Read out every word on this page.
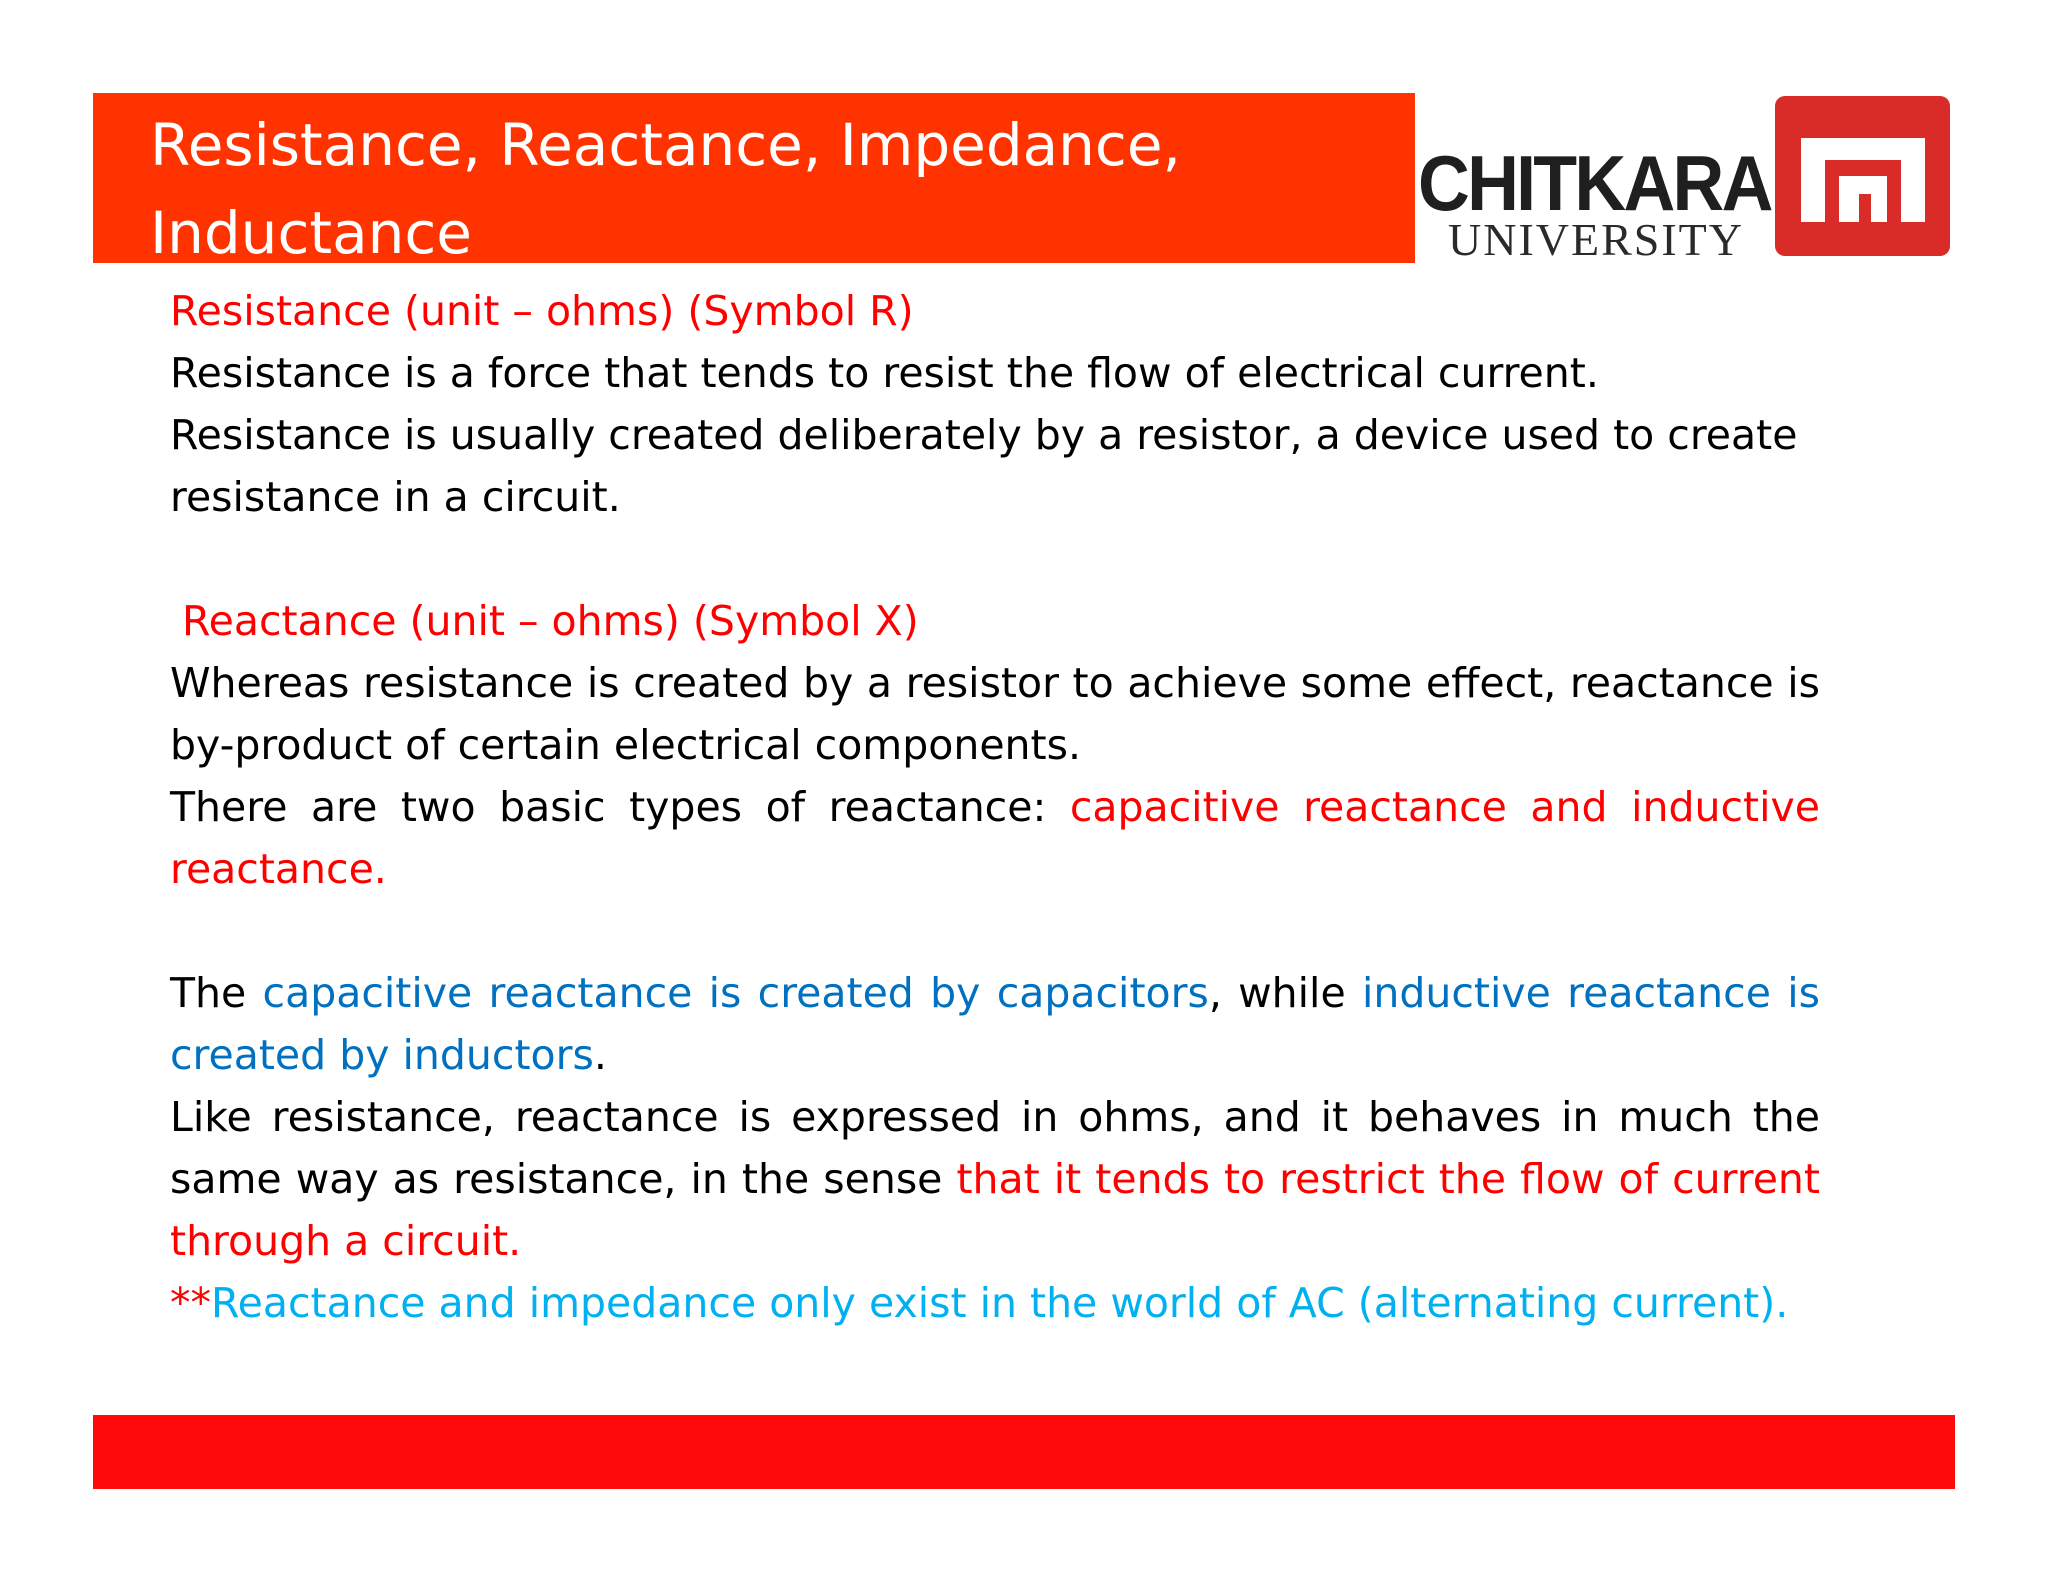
Resistance, Reactance, Impedance,
Inductance
CHITKARA
UNIVERSITY

Resistance (unit – ohms) (Symbol R)

Resistance is a force that tends to resist the flow of electrical current.

Resistance is usually created deliberately by a resistor, a device used to create resistance in a circuit.

Reactance (unit – ohms) (Symbol X)

Whereas resistance is created by a resistor to achieve some effect, reactance is by-product of certain electrical components.

There are two basic types of reactance: capacitive reactance and inductive reactance.

The capacitive reactance is created by capacitors, while inductive reactance is created by inductors.

Like resistance, reactance is expressed in ohms, and it behaves in much the same way as resistance, in the sense that it tends to restrict the flow of current through a circuit.

**Reactance and impedance only exist in the world of AC (alternating current).
